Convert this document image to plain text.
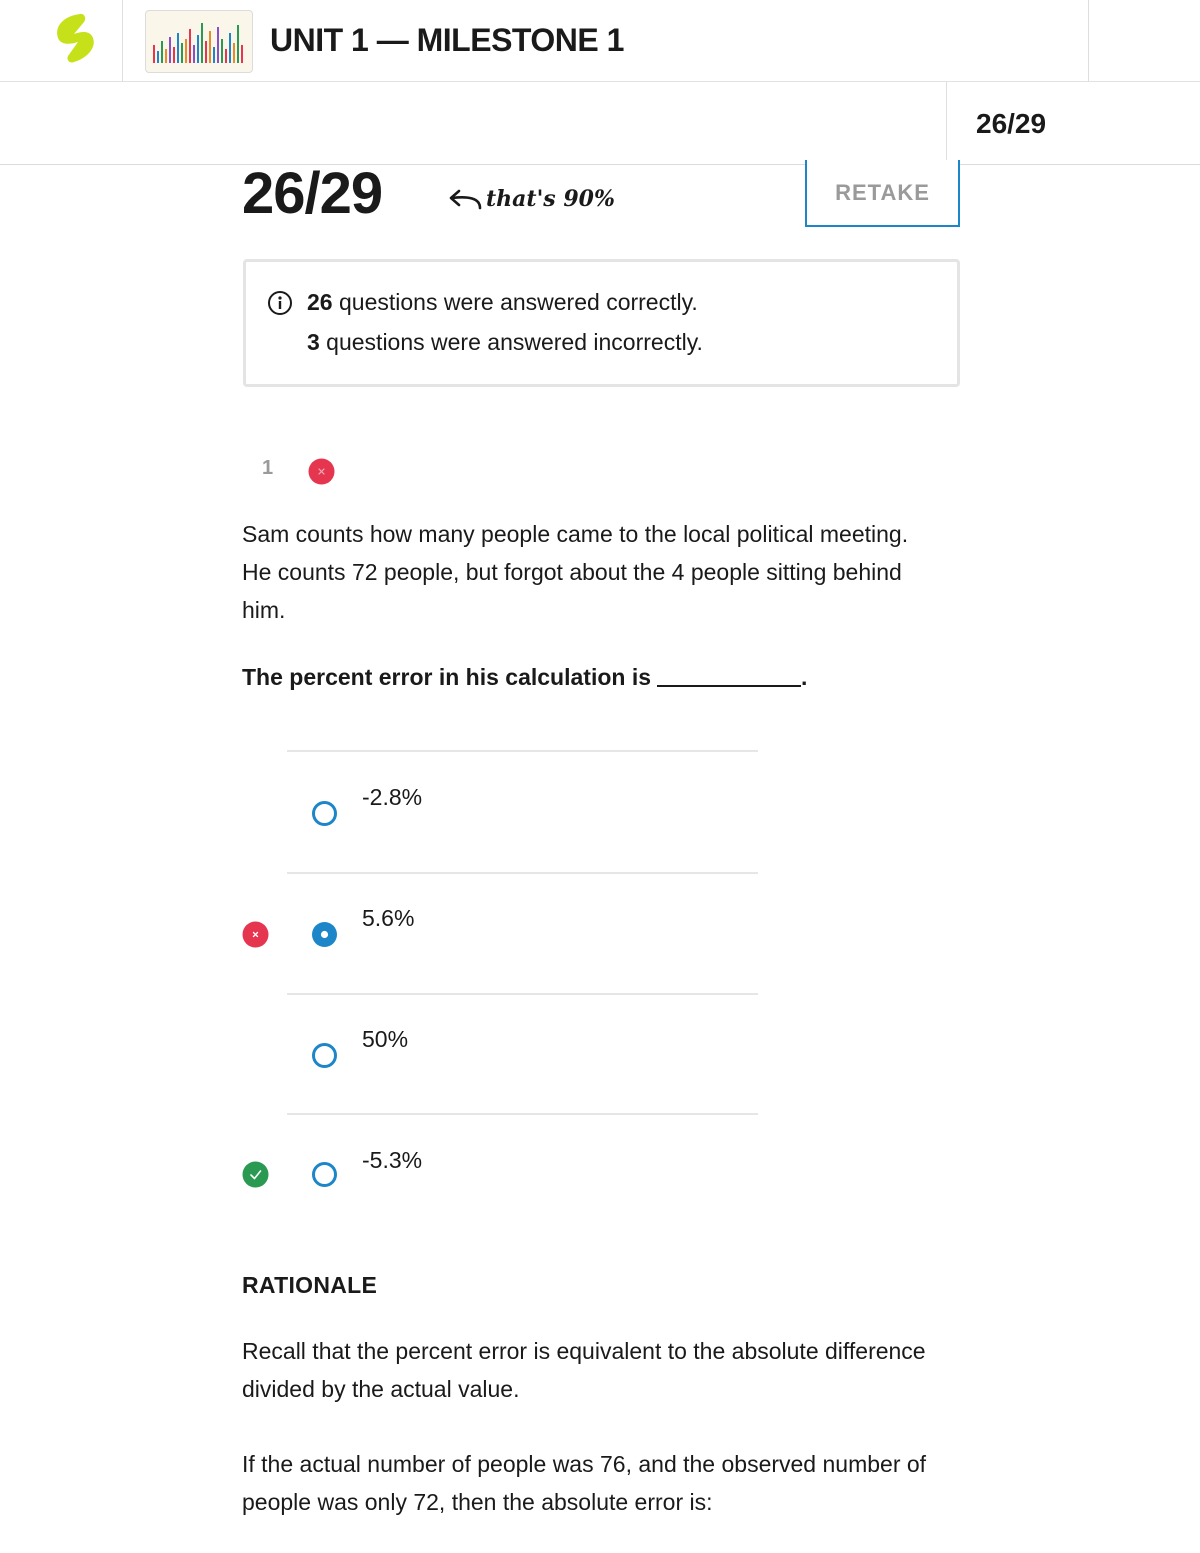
UNIT 1 — MILESTONE 1
26/29
26/29	that's 90%	RETAKE
26 questions were answered correctly.
3 questions were answered incorrectly.
1
Sam counts how many people came to the local political meeting. He counts 72 people, but forgot about the 4 people sitting behind him.
The percent error in his calculation is	.
-2.8%
5.6%
50%
-5.3%
RATIONALE
Recall that the percent error is equivalent to the absolute difference divided by the actual value.
If the actual number of people was 76, and the observed number of people was only 72, then the absolute error is:
